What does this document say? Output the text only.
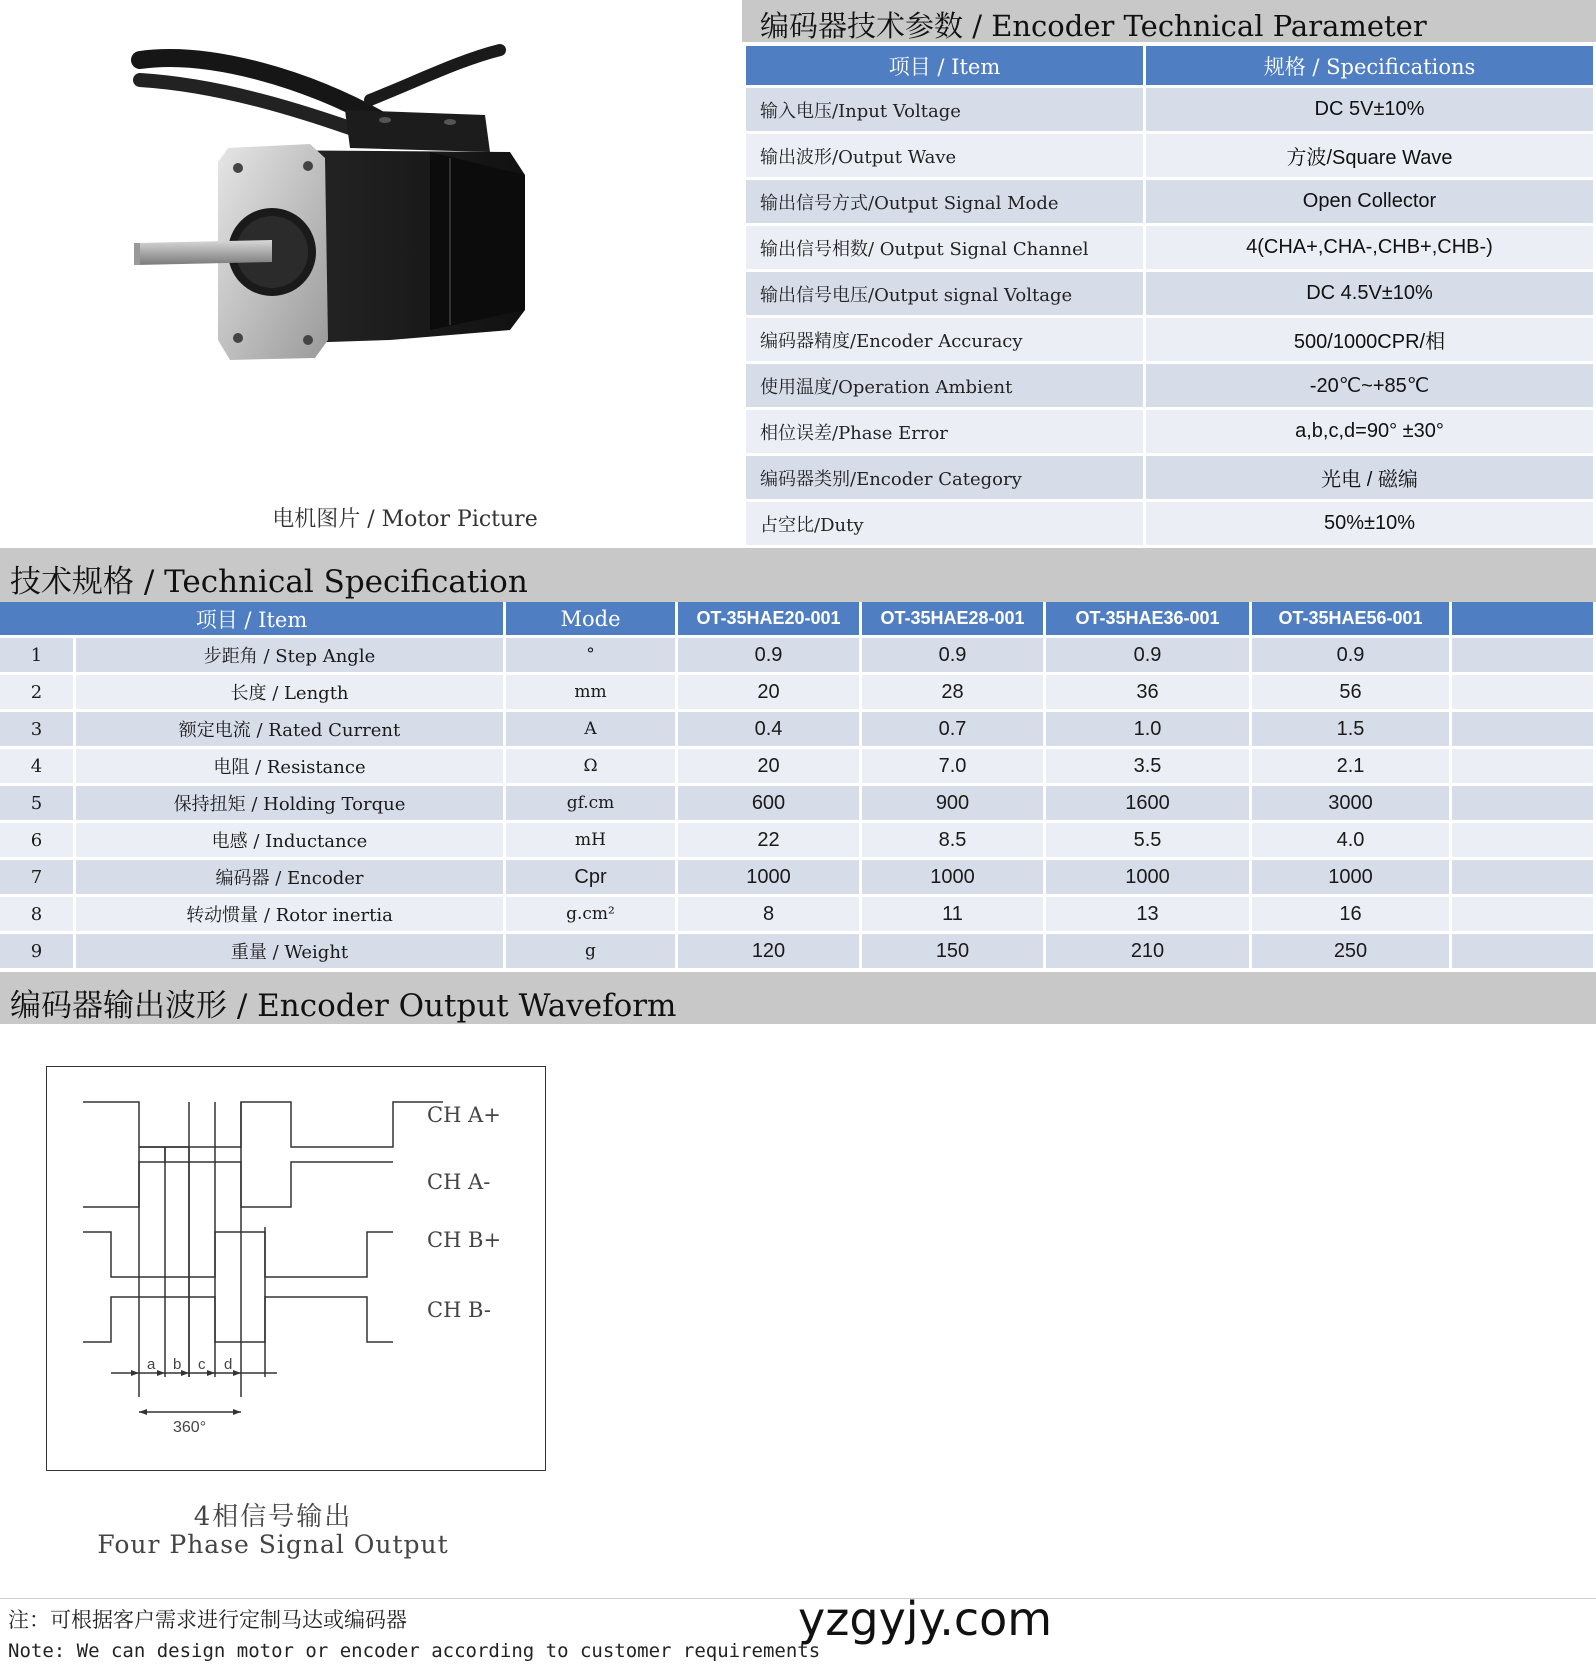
电机图片 / Motor Picture
编码器技术参数 / Encoder Technical Parameter
项目 / Item	规格 / Specifications
输入电压/Input Voltage	DC 5V±10%
输出波形/Output Wave	方波/Square Wave
输出信号方式/Output Signal Mode	Open Collector
输出信号相数/ Output Signal Channel	4(CHA+,CHA-,CHB+,CHB-)
输出信号电压/Output signal Voltage	DC 4.5V±10%
编码器精度/Encoder Accuracy	500/1000CPR/相
使用温度/Operation Ambient	-20℃~+85℃
相位误差/Phase Error	a,b,c,d=90° ±30°
编码器类别/Encoder Category	光电 / 磁编
占空比/Duty	50%±10%
技术规格 / Technical Specification
项目 / Item		Mode	OT-35HAE20-001	OT-35HAE28-001	OT-35HAE36-001	OT-35HAE56-001	
1	步距角 / Step Angle	°	0.9	0.9	0.9	0.9	
2	长度 / Length	mm	20	28	36	56	
3	额定电流 / Rated Current	A	0.4	0.7	1.0	1.5	
4	电阻 / Resistance	Ω	20	7.0	3.5	2.1	
5	保持扭矩 / Holding Torque	gf.cm	600	900	1600	3000	
6	电感 / Inductance	mH	22	8.5	5.5	4.0	
7	编码器 / Encoder	Cpr	1000	1000	1000	1000	
8	转动惯量 / Rotor inertia	g.cm²	8	11	13	16	
9	重量 / Weight	g	120	150	210	250	
编码器输出波形 / Encoder Output Waveform
CH A+
CH A-
CH B+
CH B-
a b c d
360°
4相信号输出
Four Phase Signal Output
注：可根据客户需求进行定制马达或编码器
Note: We can design motor or encoder according to customer requirements
yzgyjy.com
